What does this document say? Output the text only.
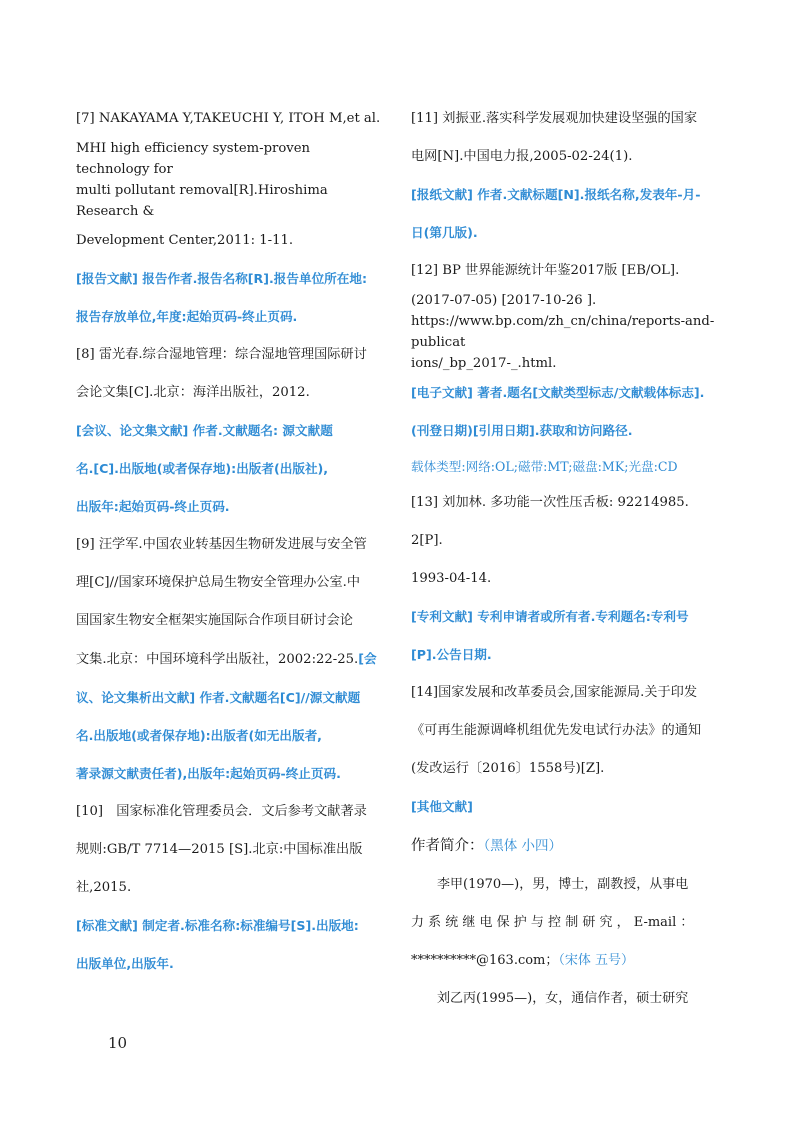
[7] NAKAYAMA Y,TAKEUCHI Y, ITOH M,et al.

MHI high efficiency system-proven technology for
multi pollutant removal[R].Hiroshima Research &

Development Center,2011: 1-11.

[报告文献] 报告作者.报告名称[R].报告单位所在地:

报告存放单位,年度:起始页码-终止页码.

[8] 雷光春.综合湿地管理：综合湿地管理国际研讨

会论文集[C].北京：海洋出版社，2012.

[会议、论文集文献] 作者.文献题名: 源文献题

名.[C].出版地(或者保存地):出版者(出版社),

出版年:起始页码-终止页码.

[9] 汪学军.中国农业转基因生物研发进展与安全管

理[C]//国家环境保护总局生物安全管理办公室.中

国国家生物安全框架实施国际合作项目研讨会论

文集.北京：中国环境科学出版社，2002:22-25.[会

议、论文集析出文献] 作者.文献题名[C]//源文献题

名.出版地(或者保存地):出版者(如无出版者,

著录源文献责任者),出版年:起始页码-终止页码.

[10]　国家标准化管理委员会．文后参考文献著录

规则:GB/T 7714—2015 [S].北京:中国标准出版

社,2015.

[标准文献] 制定者.标准名称:标准编号[S].出版地:

出版单位,出版年.

[11] 刘振亚.落实科学发展观加快建设坚强的国家

电网[N].中国电力报,2005-02-24(1).

[报纸文献] 作者.文献标题[N].报纸名称,发表年-月-

日(第几版).

[12] BP 世界能源统计年鉴2017版 [EB/OL].

(2017-07-05) [2017-10-26 ].
https://www.bp.com/zh_cn/china/reports-and-publicat
ions/_bp_2017-_.html.

[电子文献] 著者.题名[文献类型标志/文献载体标志].

(刊登日期)[引用日期].获取和访问路径.

载体类型:网络:OL;磁带:MT;磁盘:MK;光盘:CD

[13] 刘加林. 多功能一次性压舌板: 92214985. 2[P].

1993-04-14.

[专利文献] 专利申请者或所有者.专利题名:专利号

[P].公告日期.

[14]国家发展和改革委员会,国家能源局.关于印发

《可再生能源调峰机组优先发电试行办法》的通知

(发改运行〔2016〕1558号)[Z].

[其他文献]

作者简介：（黑体 小四）

李甲(1970—)，男，博士，副教授，从事电

力 系 统 继 电 保 护 与 控 制 研 究 ， E-mail ：

**********@163.com；（宋体 五号）

刘乙丙(1995—)，女，通信作者，硕士研究

10
